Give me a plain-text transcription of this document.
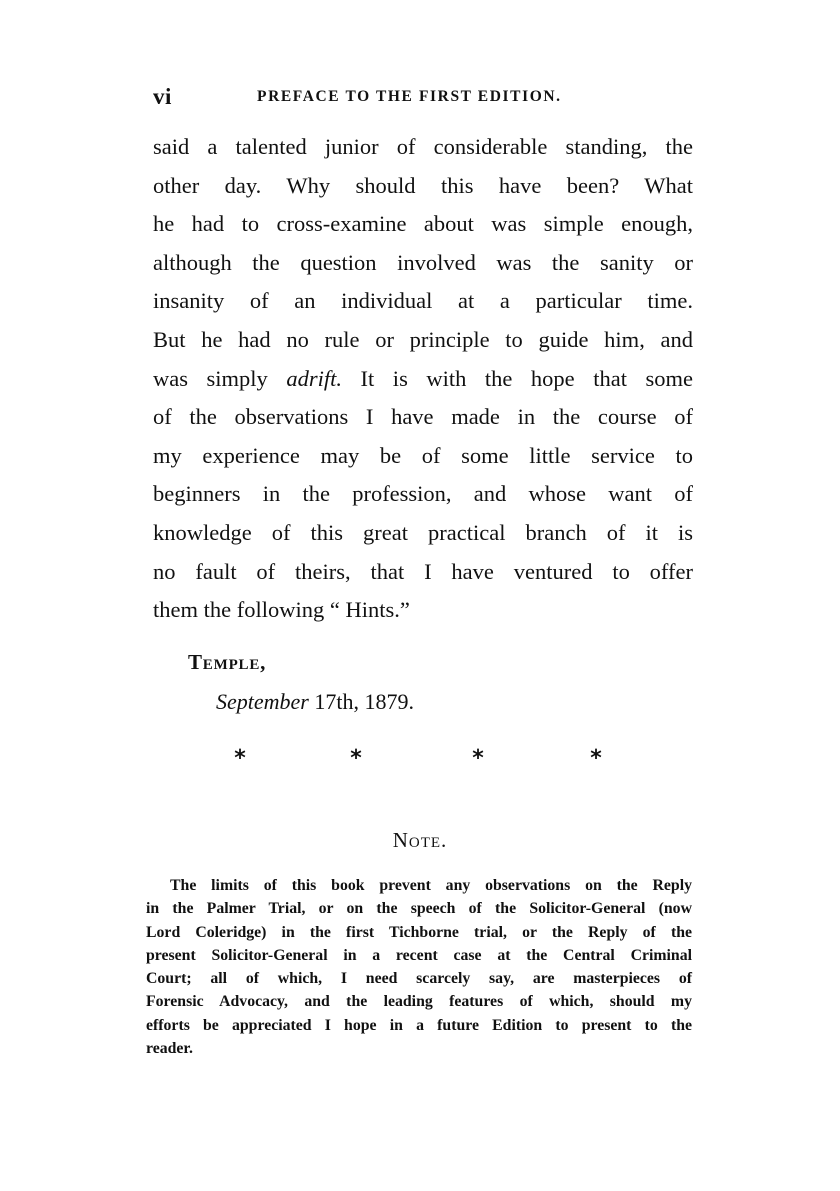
vi	PREFACE TO THE FIRST EDITION.
said a talented junior of considerable standing, the
other day. Why should this have been? What
he had to cross-examine about was simple enough,
although the question involved was the sanity or
insanity of an individual at a particular time.
But he had no rule or principle to guide him, and
was simply adrift. It is with the hope that some
of the observations I have made in the course of
my experience may be of some little service to
beginners in the profession, and whose want of
knowledge of this great practical branch of it is
no fault of theirs, that I have ventured to offer
them the following “ Hints.”
Temple,
September 17th, 1879.
*	*	*	*
Note.
The limits of this book prevent any observations on the Reply
in the Palmer Trial, or on the speech of the Solicitor-General (now
Lord Coleridge) in the first Tichborne trial, or the Reply of the
present Solicitor-General in a recent case at the Central Criminal
Court; all of which, I need scarcely say, are masterpieces of
Forensic Advocacy, and the leading features of which, should my
efforts be appreciated I hope in a future Edition to present to the
reader.
